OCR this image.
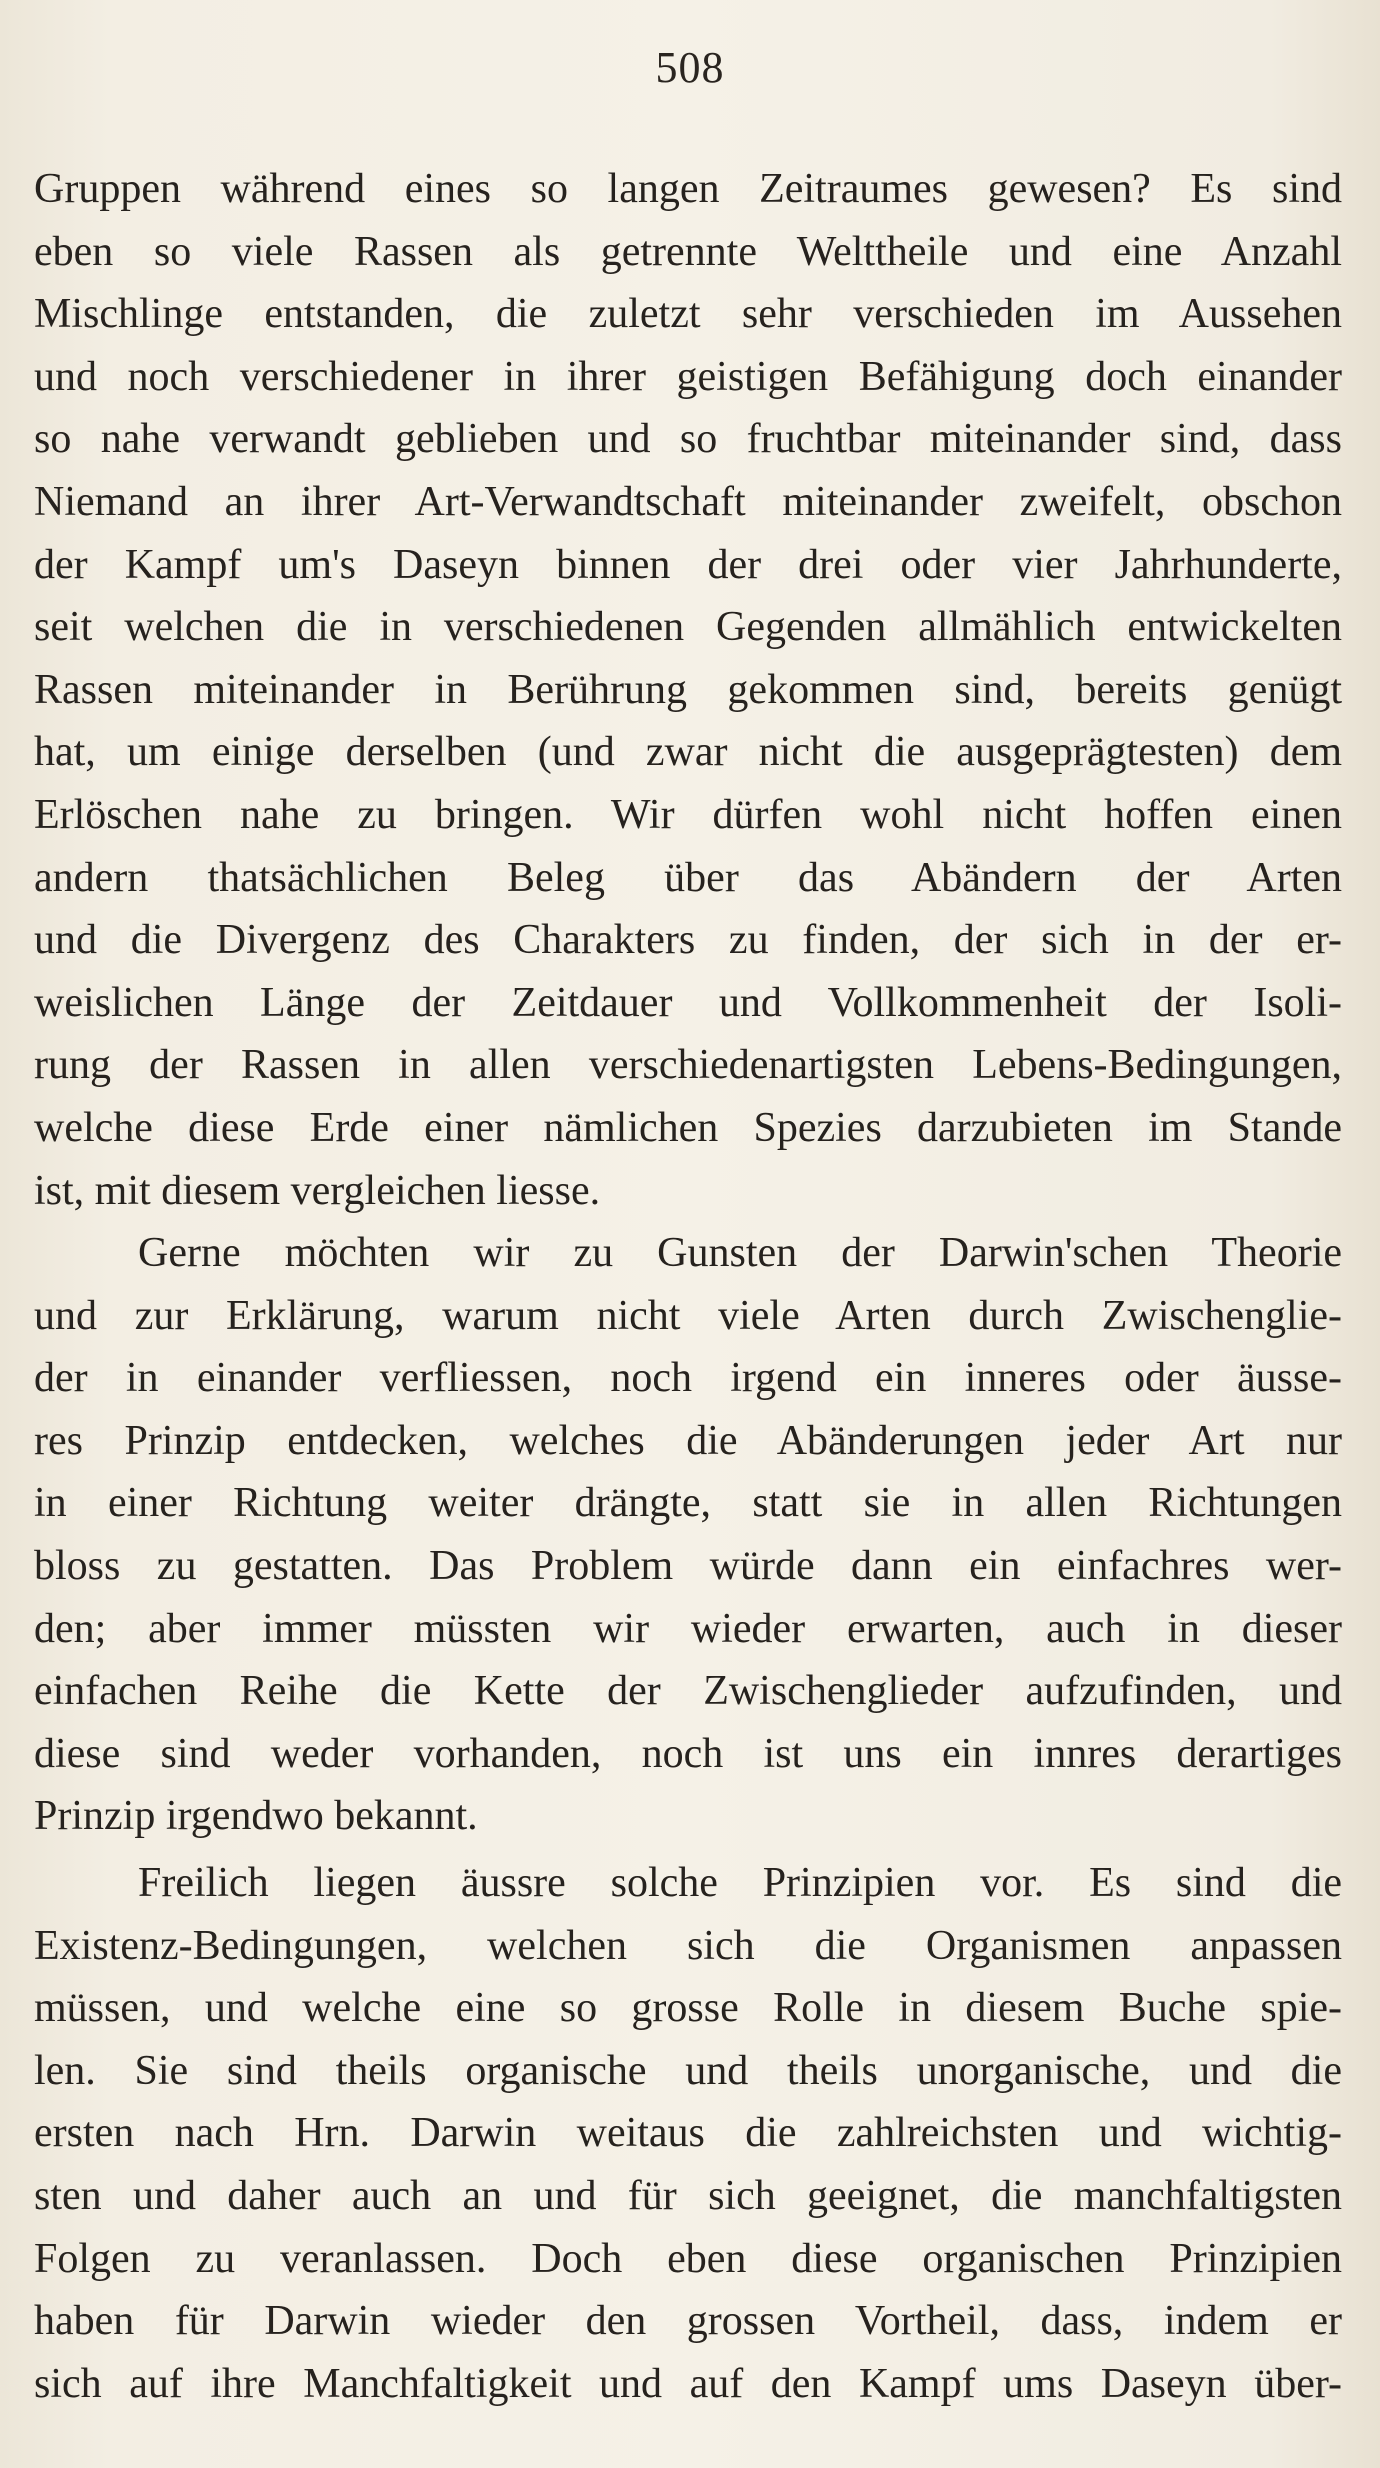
508
Gruppen während eines so langen Zeitraumes gewesen? Es sind
eben so viele Rassen als getrennte Welttheile und eine Anzahl
Mischlinge entstanden, die zuletzt sehr verschieden im Aussehen
und noch verschiedener in ihrer geistigen Befähigung doch einander
so nahe verwandt geblieben und so fruchtbar miteinander sind, dass
Niemand an ihrer Art-Verwandtschaft miteinander zweifelt, obschon
der Kampf um's Daseyn binnen der drei oder vier Jahrhunderte,
seit welchen die in verschiedenen Gegenden allmählich entwickelten
Rassen miteinander in Berührung gekommen sind, bereits genügt
hat, um einige derselben (und zwar nicht die ausgeprägtesten) dem
Erlöschen nahe zu bringen. Wir dürfen wohl nicht hoffen einen
andern thatsächlichen Beleg über das Abändern der Arten
und die Divergenz des Charakters zu finden, der sich in der er-
weislichen Länge der Zeitdauer und Vollkommenheit der Isoli-
rung der Rassen in allen verschiedenartigsten Lebens-Bedingungen,
welche diese Erde einer nämlichen Spezies darzubieten im Stande
ist, mit diesem vergleichen liesse.
Gerne möchten wir zu Gunsten der Darwin'schen Theorie
und zur Erklärung, warum nicht viele Arten durch Zwischenglie-
der in einander verfliessen, noch irgend ein inneres oder äusse-
res Prinzip entdecken, welches die Abänderungen jeder Art nur
in einer Richtung weiter drängte, statt sie in allen Richtungen
bloss zu gestatten. Das Problem würde dann ein einfachres wer-
den; aber immer müssten wir wieder erwarten, auch in dieser
einfachen Reihe die Kette der Zwischenglieder aufzufinden, und
diese sind weder vorhanden, noch ist uns ein innres derartiges
Prinzip irgendwo bekannt.
Freilich liegen äussre solche Prinzipien vor. Es sind die
Existenz-Bedingungen, welchen sich die Organismen anpassen
müssen, und welche eine so grosse Rolle in diesem Buche spie-
len. Sie sind theils organische und theils unorganische, und die
ersten nach Hrn. Darwin weitaus die zahlreichsten und wichtig-
sten und daher auch an und für sich geeignet, die manchfaltigsten
Folgen zu veranlassen. Doch eben diese organischen Prinzipien
haben für Darwin wieder den grossen Vortheil, dass, indem er
sich auf ihre Manchfaltigkeit und auf den Kampf ums Daseyn über-
